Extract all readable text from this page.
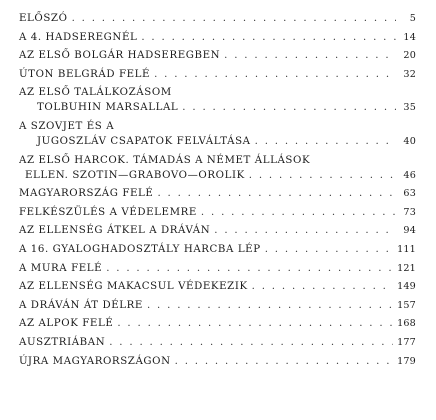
ELŐSZÓ . . .	5
A 4. HADSEREGNÉL . . .	14
AZ ELSŐ BOLGÁR HADSEREGBEN . . .	20
ÚTON BELGRÁD FELÉ . . .	32
AZ ELSŐ TALÁLKOZÁSOM
TOLBUHIN MARSALLAL . . .	35
A SZOVJET ÉS A
JUGOSZLÁV CSAPATOK FELVÁLTÁSA . . .	40
AZ ELSŐ HARCOK. TÁMADÁS A NÉMET ÁLLÁSOK
ELLEN. SZOTIN—GRABOVO—OROLIK . . .	46
MAGYARORSZÁG FELÉ . . .	63
FELKÉSZÜLÉS A VÉDELEMRE . . .	73
AZ ELLENSÉG ÁTKEL A DRÁVÁN . . .	94
A 16. GYALOGHADOSZTÁLY HARCBA LÉP . . .	111
A MURA FELÉ . . .	121
AZ ELLENSÉG MAKACSUL VÉDEKEZIK . . .	149
A DRÁVÁN ÁT DÉLRE . . .	157
AZ ALPOK FELÉ . . .	168
AUSZTRIÁBAN . . .	177
ÚJRA MAGYARORSZÁGON . . .	179
